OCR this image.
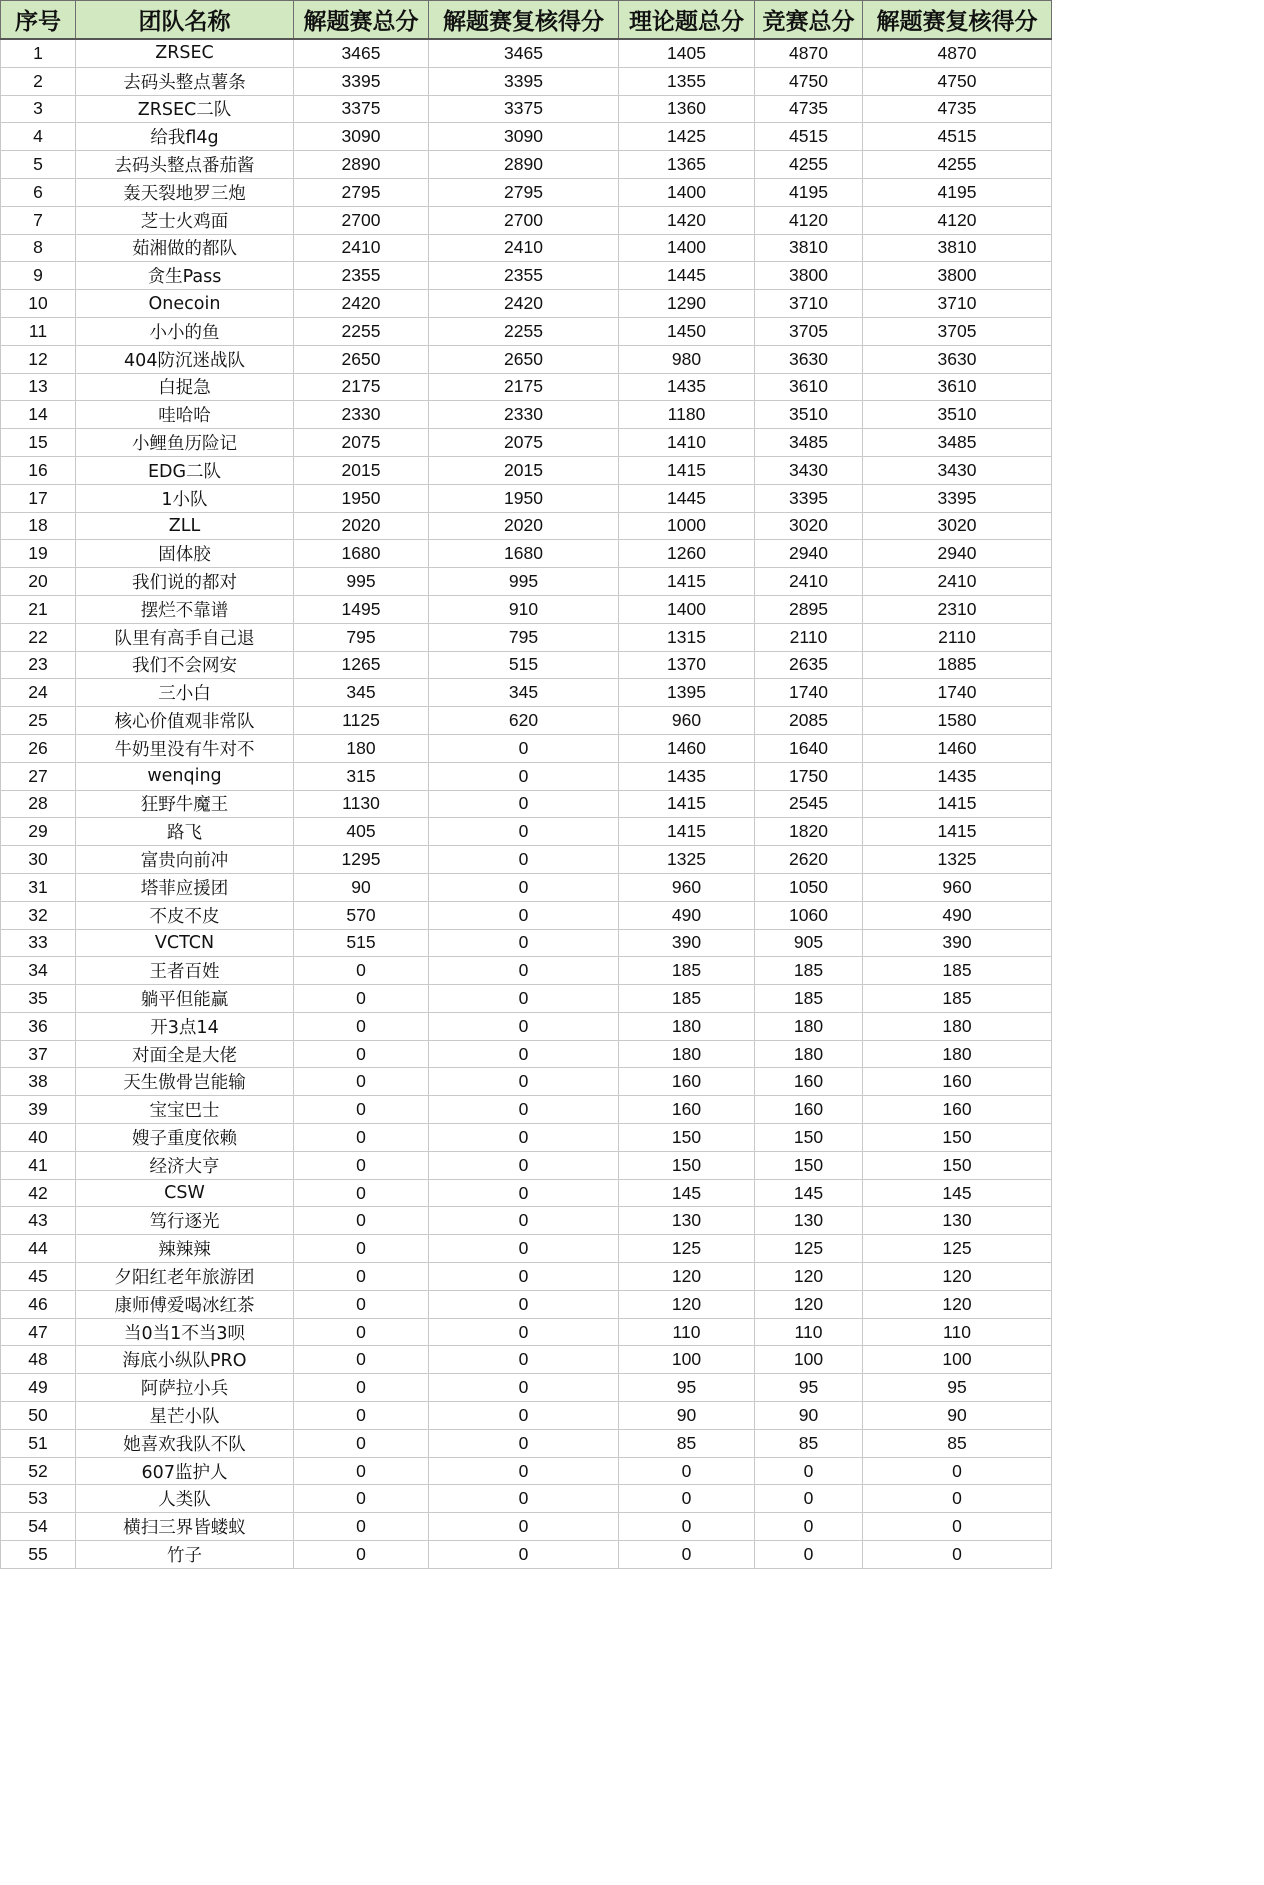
序号	团队名称	解题赛总分	解题赛复核得分	理论题总分	竞赛总分	解题赛复核得分
1	ZRSEC	3465	3465	1405	4870	4870
2	去码头整点薯条	3395	3395	1355	4750	4750
3	ZRSEC二队	3375	3375	1360	4735	4735
4	给我fl4g	3090	3090	1425	4515	4515
5	去码头整点番茄酱	2890	2890	1365	4255	4255
6	轰天裂地罗三炮	2795	2795	1400	4195	4195
7	芝士火鸡面	2700	2700	1420	4120	4120
8	茹湘做的都队	2410	2410	1400	3810	3810
9	贪生Pass	2355	2355	1445	3800	3800
10	Onecoin	2420	2420	1290	3710	3710
11	小小的鱼	2255	2255	1450	3705	3705
12	404防沉迷战队	2650	2650	980	3630	3630
13	白捉急	2175	2175	1435	3610	3610
14	哇哈哈	2330	2330	1180	3510	3510
15	小鲤鱼历险记	2075	2075	1410	3485	3485
16	EDG二队	2015	2015	1415	3430	3430
17	1小队	1950	1950	1445	3395	3395
18	ZLL	2020	2020	1000	3020	3020
19	固体胶	1680	1680	1260	2940	2940
20	我们说的都对	995	995	1415	2410	2410
21	摆烂不靠谱	1495	910	1400	2895	2310
22	队里有高手自己退	795	795	1315	2110	2110
23	我们不会网安	1265	515	1370	2635	1885
24	三小白	345	345	1395	1740	1740
25	核心价值观非常队	1125	620	960	2085	1580
26	牛奶里没有牛对不	180	0	1460	1640	1460
27	wenqing	315	0	1435	1750	1435
28	狂野牛魔王	1130	0	1415	2545	1415
29	路飞	405	0	1415	1820	1415
30	富贵向前冲	1295	0	1325	2620	1325
31	塔菲应援团	90	0	960	1050	960
32	不皮不皮	570	0	490	1060	490
33	VCTCN	515	0	390	905	390
34	王者百姓	0	0	185	185	185
35	躺平但能赢	0	0	185	185	185
36	开3点14	0	0	180	180	180
37	对面全是大佬	0	0	180	180	180
38	天生傲骨岂能输	0	0	160	160	160
39	宝宝巴士	0	0	160	160	160
40	嫂子重度依赖	0	0	150	150	150
41	经济大亨	0	0	150	150	150
42	CSW	0	0	145	145	145
43	笃行逐光	0	0	130	130	130
44	辣辣辣	0	0	125	125	125
45	夕阳红老年旅游团	0	0	120	120	120
46	康师傅爱喝冰红茶	0	0	120	120	120
47	当0当1不当3呗	0	0	110	110	110
48	海底小纵队PRO	0	0	100	100	100
49	阿萨拉小兵	0	0	95	95	95
50	星芒小队	0	0	90	90	90
51	她喜欢我队不队	0	0	85	85	85
52	607监护人	0	0	0	0	0
53	人类队	0	0	0	0	0
54	横扫三界皆蝼蚁	0	0	0	0	0
55	竹子	0	0	0	0	0
